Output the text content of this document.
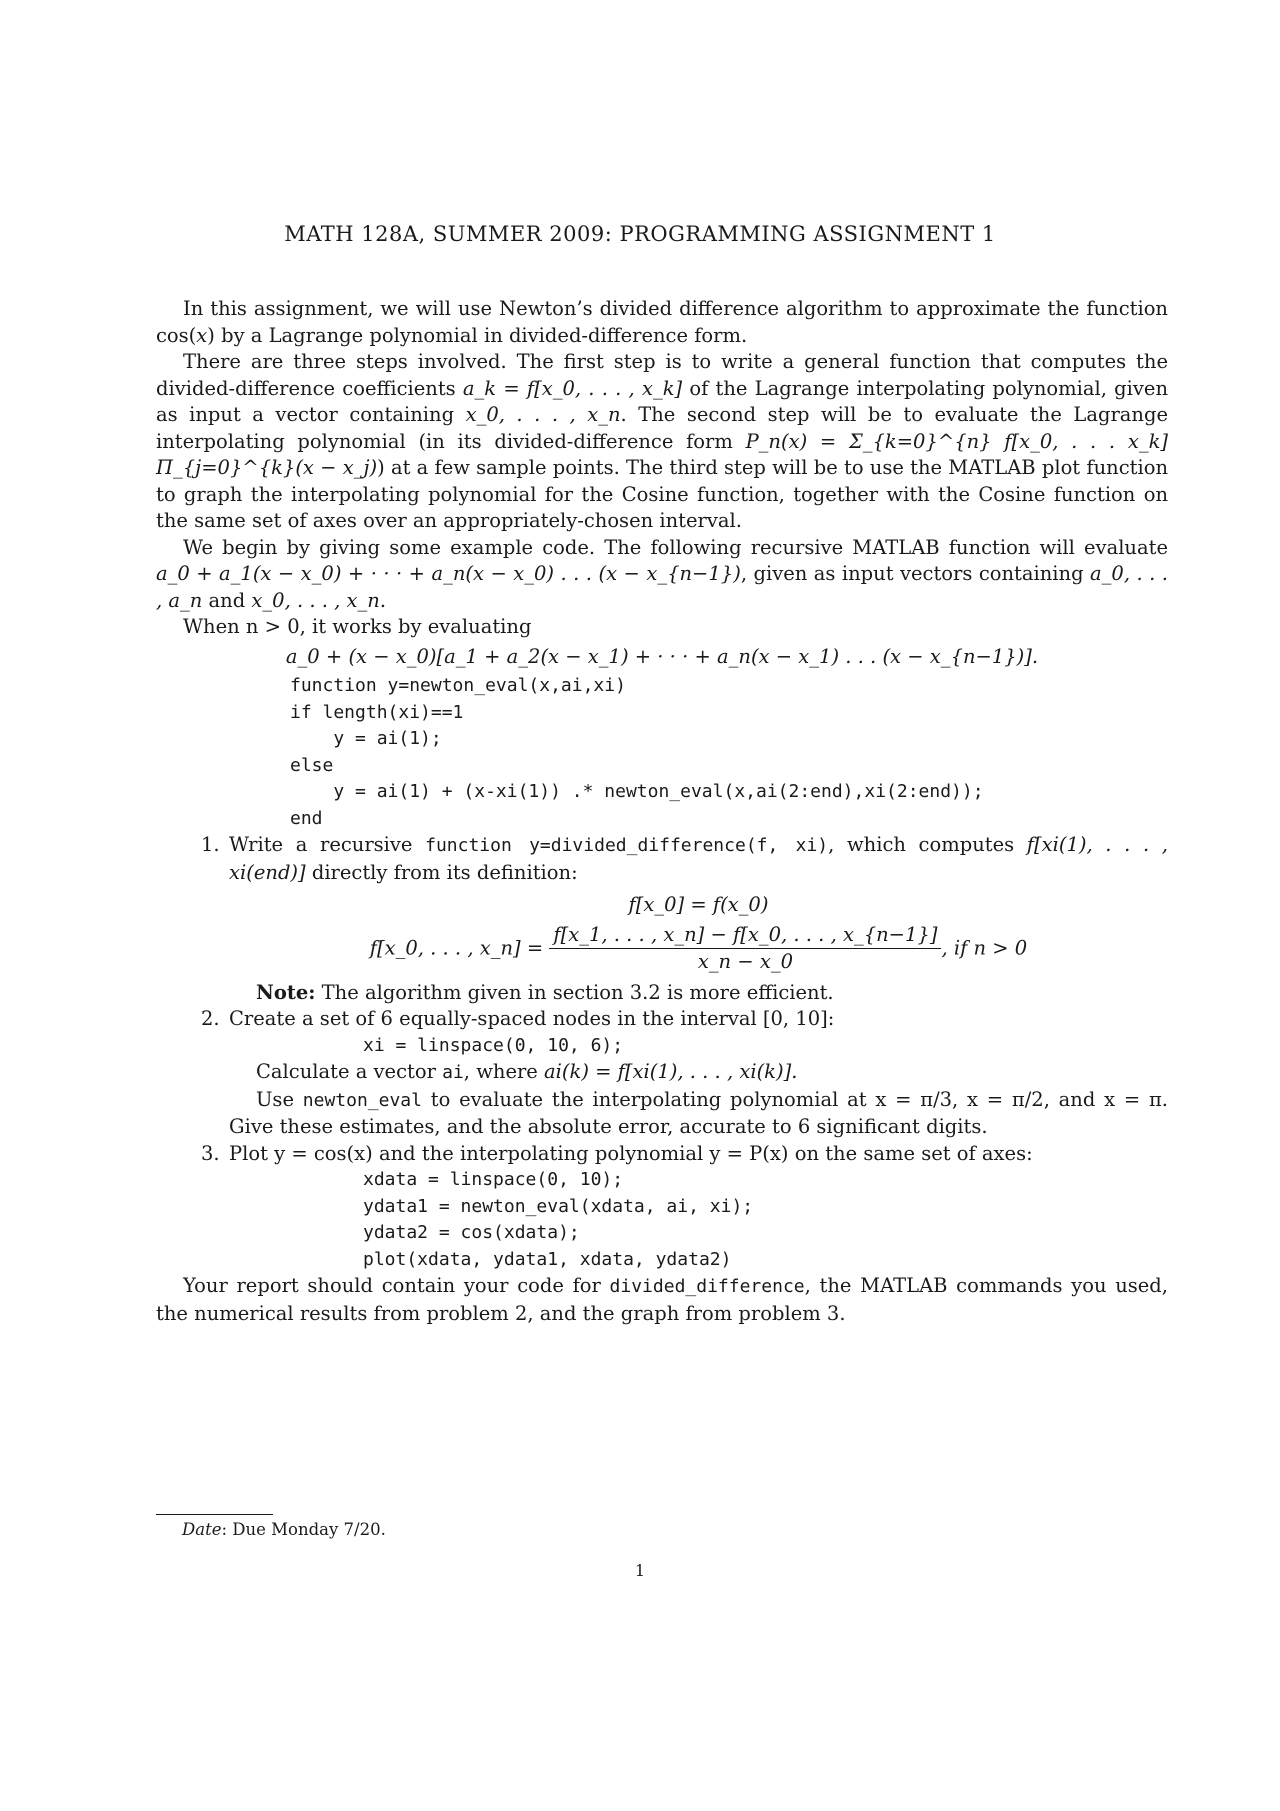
MATH 128A, SUMMER 2009: PROGRAMMING ASSIGNMENT 1

In this assignment, we will use Newton’s divided difference algorithm to approximate the function cos(x) by a Lagrange polynomial in divided-difference form.

There are three steps involved. The first step is to write a general function that computes the divided-difference coefficients a_k = f[x_0, . . . , x_k] of the Lagrange interpolating polynomial, given as input a vector containing x_0, . . . , x_n. The second step will be to evaluate the Lagrange interpolating polynomial (in its divided-difference form P_n(x) = Σ_{k=0}^{n} f[x_0, . . . x_k] Π_{j=0}^{k}(x − x_j)) at a few sample points. The third step will be to use the MATLAB plot function to graph the interpolating polynomial for the Cosine function, together with the Cosine function on the same set of axes over an appropriately-chosen interval.

We begin by giving some example code. The following recursive MATLAB function will evaluate a_0 + a_1(x − x_0) + · · · + a_n(x − x_0) . . . (x − x_{n−1}), given as input vectors containing a_0, . . . , a_n and x_0, . . . , x_n.

When n > 0, it works by evaluating

a_0 + (x − x_0)[a_1 + a_2(x − x_1) + · · · + a_n(x − x_1) . . . (x − x_{n−1})].
function y=newton_eval(x,ai,xi)
if length(xi)==1
y = ai(1);
else
y = ai(1) + (x-xi(1)) .* newton_eval(x,ai(2:end),xi(2:end));
end
1. Write a recursive function y=divided_difference(f, xi), which computes f[xi(1), . . . , xi(end)] directly from its definition:
f[x_0] = f(x_0)
f[x_0, . . . , x_n] = $\frac{f[x\_1, . . . , x\_n] - f[x\_0, . . . , x\_\{n-1\}]}{x\_n - x\_0}$ , if n > 0
Note: The algorithm given in section 3.2 is more efficient.
2. Create a set of 6 equally-spaced nodes in the interval [0, 10]:
xi = linspace(0, 10, 6);
Calculate a vector ai, where ai(k) = f[xi(1), . . . , xi(k)].
Use newton_eval to evaluate the interpolating polynomial at x = π/3, x = π/2, and x = π. Give these estimates, and the absolute error, accurate to 6 significant digits.
3. Plot y = cos(x) and the interpolating polynomial y = P(x) on the same set of axes:
xdata = linspace(0, 10);
ydata1 = newton_eval(xdata, ai, xi);
ydata2 = cos(xdata);
plot(xdata, ydata1, xdata, ydata2)

Your report should contain your code for divided_difference, the MATLAB commands you used, the numerical results from problem 2, and the graph from problem 3.

Date: Due Monday 7/20.
1
